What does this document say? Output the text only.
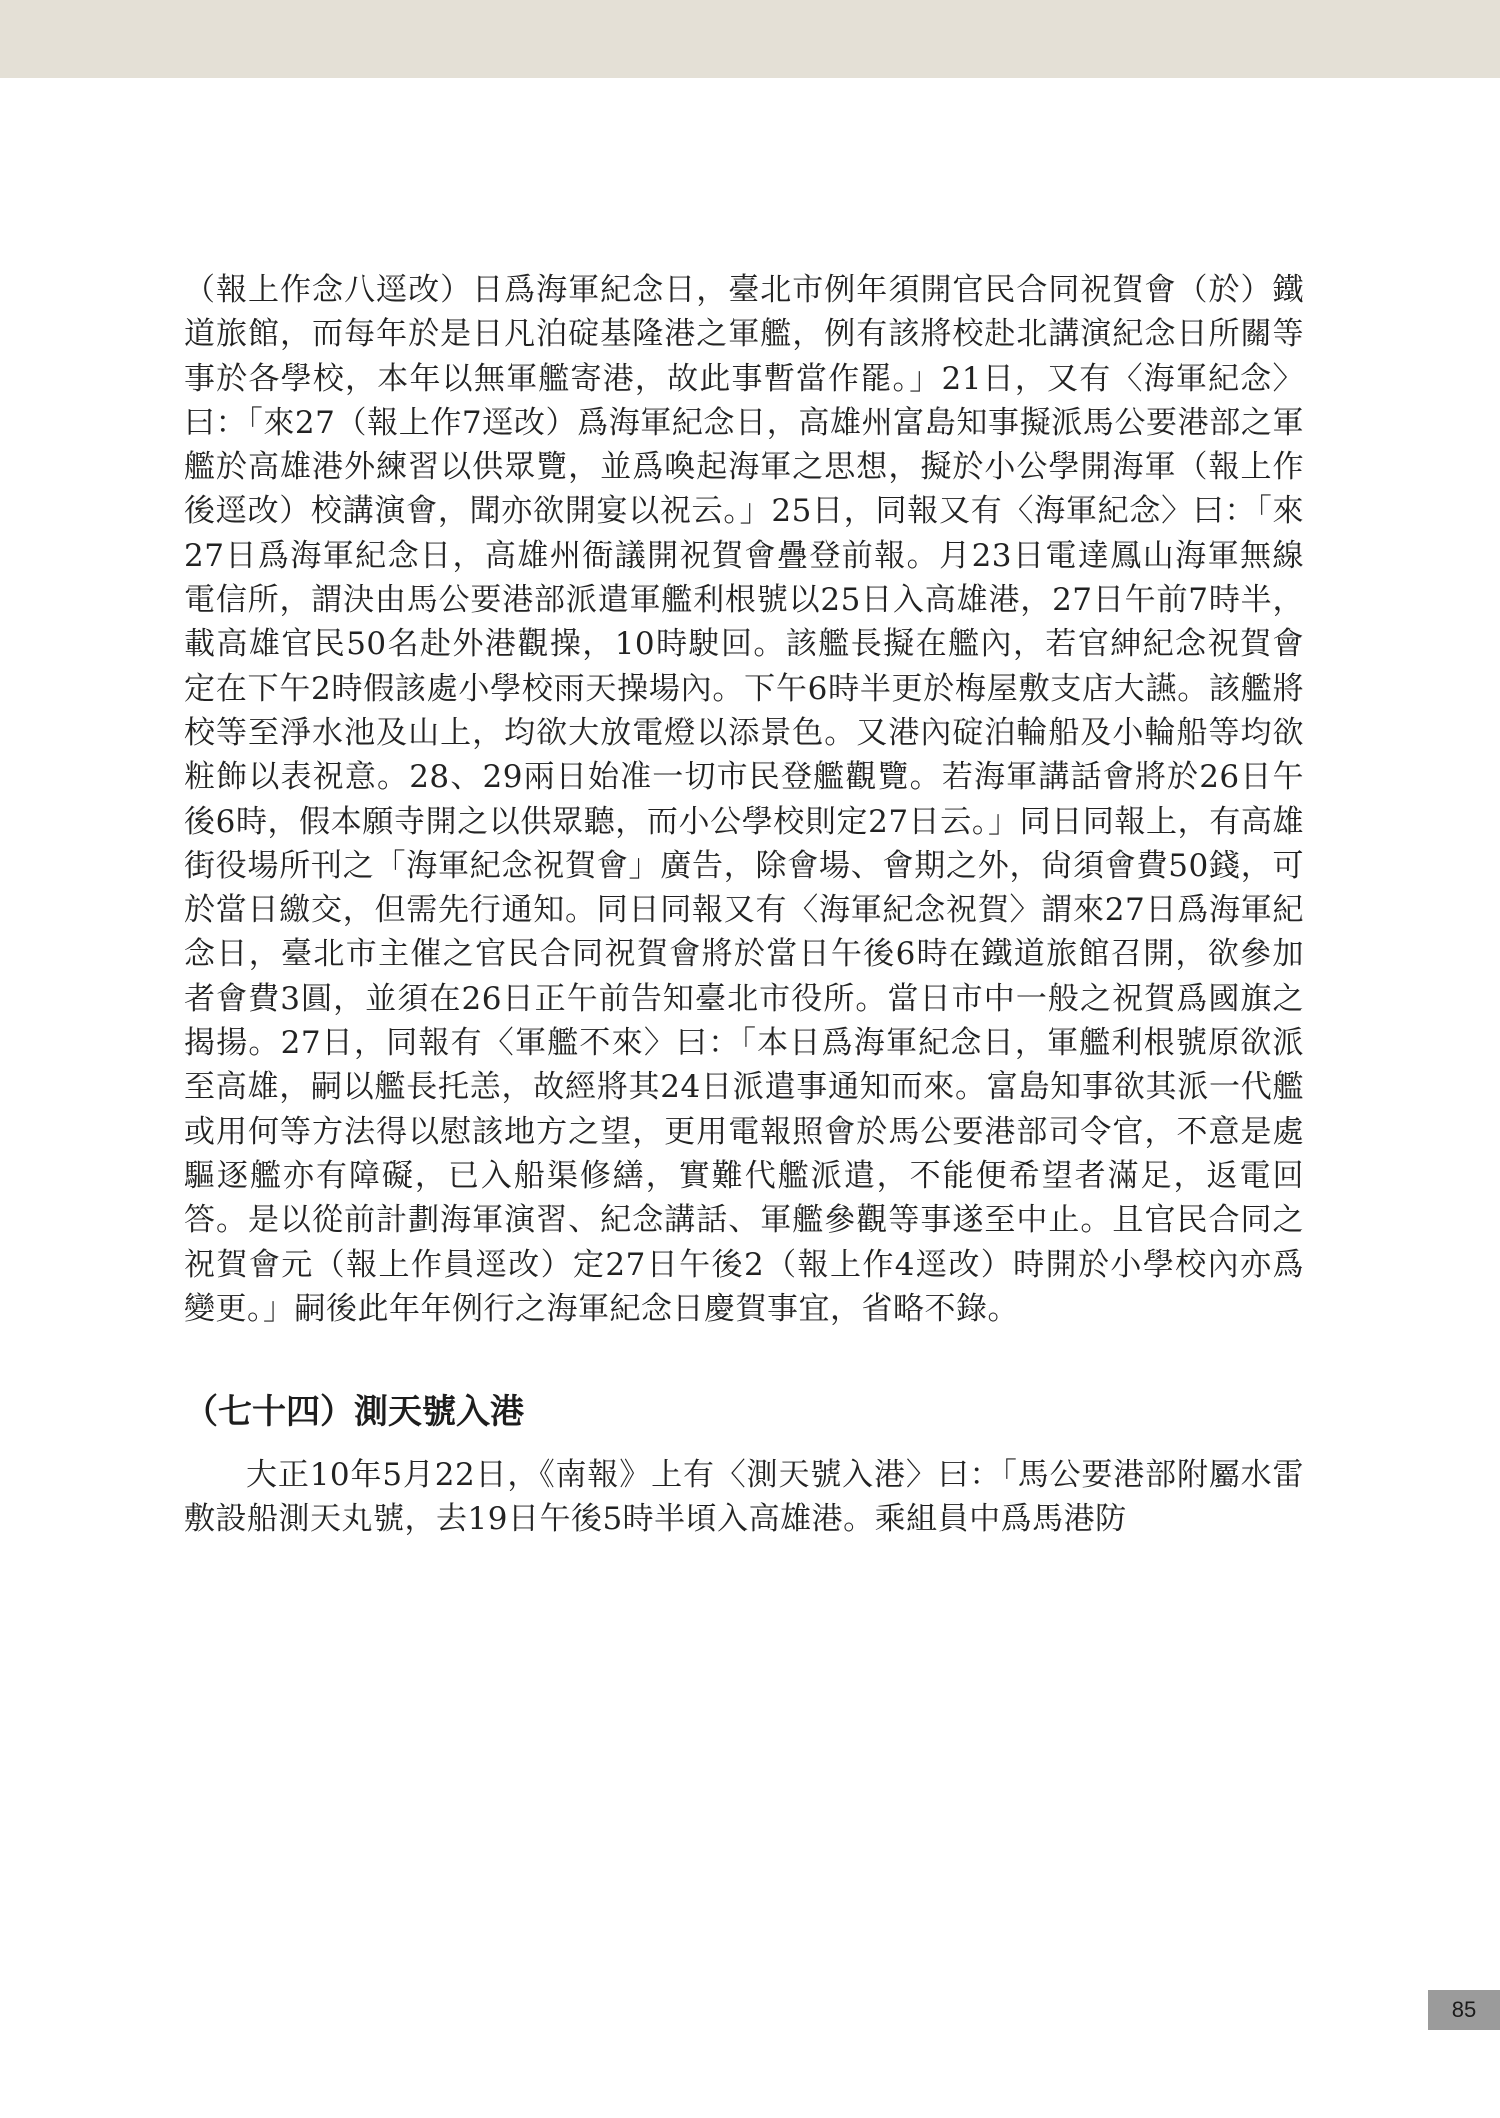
（報上作念八逕改）日爲海軍紀念日，臺北市例年須開官民合同祝賀會（於）鐵道旅館，而每年於是日凡泊碇基隆港之軍艦，例有該將校赴北講演紀念日所關等事於各學校，本年以無軍艦寄港，故此事暫當作罷。」21日，又有〈海軍紀念〉曰：「來27（報上作7逕改）爲海軍紀念日，高雄州富島知事擬派馬公要港部之軍艦於高雄港外練習以供眾覽，並爲喚起海軍之思想，擬於小公學開海軍（報上作後逕改）校講演會，聞亦欲開宴以祝云。」25日，同報又有〈海軍紀念〉曰：「來27日爲海軍紀念日，高雄州衙議開祝賀會疊登前報。月23日電達鳳山海軍無線電信所，謂決由馬公要港部派遣軍艦利根號以25日入高雄港，27日午前7時半，載高雄官民50名赴外港觀操，10時駛回。該艦長擬在艦內，若官紳紀念祝賀會定在下午2時假該處小學校雨天操場內。下午6時半更於梅屋敷支店大讌。該艦將校等至淨水池及山上，均欲大放電燈以添景色。又港內碇泊輪船及小輪船等均欲粧飾以表祝意。28、29兩日始准一切市民登艦觀覽。若海軍講話會將於26日午後6時，假本願寺開之以供眾聽，而小公學校則定27日云。」同日同報上，有高雄街役場所刊之「海軍紀念祝賀會」廣告，除會場、會期之外，尙須會費50錢，可於當日繳交，但需先行通知。同日同報又有〈海軍紀念祝賀〉謂來27日爲海軍紀念日，臺北市主催之官民合同祝賀會將於當日午後6時在鐵道旅館召開，欲參加者會費3圓，並須在26日正午前告知臺北市役所。當日市中一般之祝賀爲國旗之揭揚。27日，同報有〈軍艦不來〉曰：「本日爲海軍紀念日，軍艦利根號原欲派至高雄，嗣以艦長托恙，故經將其24日派遣事通知而來。富島知事欲其派一代艦或用何等方法得以慰該地方之望，更用電報照會於馬公要港部司令官，不意是處驅逐艦亦有障礙，已入船渠修繕，實難代艦派遣，不能便希望者滿足，返電回答。是以從前計劃海軍演習、紀念講話、軍艦參觀等事遂至中止。且官民合同之祝賀會元（報上作員逕改）定27日午後2（報上作4逕改）時開於小學校內亦爲變更。」嗣後此年年例行之海軍紀念日慶賀事宜，省略不錄。

（七十四）測天號入港

大正10年5月22日，《南報》上有〈測天號入港〉曰：「馬公要港部附屬水雷敷設船測天丸號，去19日午後5時半頃入高雄港。乘組員中爲馬港防

85
